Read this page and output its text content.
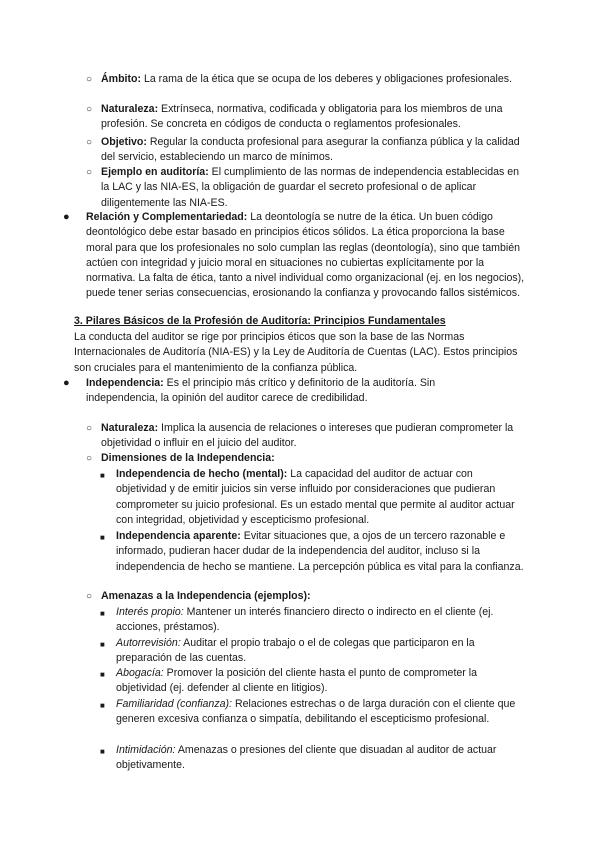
○ Ámbito: La rama de la ética que se ocupa de los deberes y obligaciones profesionales.
○ Naturaleza: Extrínseca, normativa, codificada y obligatoria para los miembros de una profesión. Se concreta en códigos de conducta o reglamentos profesionales.
○ Objetivo: Regular la conducta profesional para asegurar la confianza pública y la calidad del servicio, estableciendo un marco de mínimos.
○ Ejemplo en auditoría: El cumplimiento de las normas de independencia establecidas en la LAC y las NIA-ES, la obligación de guardar el secreto profesional o de aplicar diligentemente las NIA-ES.
● Relación y Complementariedad: La deontología se nutre de la ética. Un buen código deontológico debe estar basado en principios éticos sólidos. La ética proporciona la base moral para que los profesionales no solo cumplan las reglas (deontología), sino que también actúen con integridad y juicio moral en situaciones no cubiertas explícitamente por la normativa. La falta de ética, tanto a nivel individual como organizacional (ej. en los negocios), puede tener serias consecuencias, erosionando la confianza y provocando fallos sistémicos.
3. Pilares Básicos de la Profesión de Auditoría: Principios Fundamentales
La conducta del auditor se rige por principios éticos que son la base de las Normas Internacionales de Auditoría (NIA-ES) y la Ley de Auditoría de Cuentas (LAC). Estos principios son cruciales para el mantenimiento de la confianza pública.
● Independencia: Es el principio más crítico y definitorio de la auditoría. Sin independencia, la opinión del auditor carece de credibilidad.
○ Naturaleza: Implica la ausencia de relaciones o intereses que pudieran comprometer la objetividad o influir en el juicio del auditor.
○ Dimensiones de la Independencia:
■ Independencia de hecho (mental): La capacidad del auditor de actuar con objetividad y de emitir juicios sin verse influido por consideraciones que pudieran comprometer su juicio profesional. Es un estado mental que permite al auditor actuar con integridad, objetividad y escepticismo profesional.
■ Independencia aparente: Evitar situaciones que, a ojos de un tercero razonable e informado, pudieran hacer dudar de la independencia del auditor, incluso si la independencia de hecho se mantiene. La percepción pública es vital para la confianza.
○ Amenazas a la Independencia (ejemplos):
■ Interés propio: Mantener un interés financiero directo o indirecto en el cliente (ej. acciones, préstamos).
■ Autorrevisión: Auditar el propio trabajo o el de colegas que participaron en la preparación de las cuentas.
■ Abogacía: Promover la posición del cliente hasta el punto de comprometer la objetividad (ej. defender al cliente en litigios).
■ Familiaridad (confianza): Relaciones estrechas o de larga duración con el cliente que generen excesiva confianza o simpatía, debilitando el escepticismo profesional.
■ Intimidación: Amenazas o presiones del cliente que disuadan al auditor de actuar objetivamente.
